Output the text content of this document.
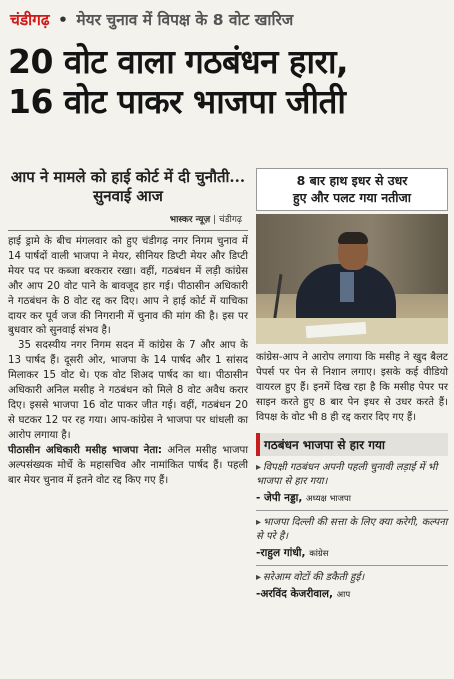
चंडीगढ़ • मेयर चुनाव में विपक्ष के 8 वोट खारिज
20 वोट वाला गठबंधन हारा,
16 वोट पाकर भाजपा जीती
आप ने मामले को हाई कोर्ट में दी चुनौती... सुनवाई आज
भास्कर न्यूज़ | चंडीगढ़

हाई ड्रामे के बीच मंगलवार को हुए चंडीगढ़ नगर निगम चुनाव में 14 पार्षदों वाली भाजपा ने मेयर, सीनियर डिप्टी मेयर और डिप्टी मेयर पद पर कब्जा बरकरार रखा। वहीं, गठबंधन में लड़ी कांग्रेस और आप 20 वोट पाने के बावजूद हार गई। पीठासीन अधिकारी ने गठबंधन के 8 वोट रद्द कर दिए। आप ने हाई कोर्ट में याचिका दायर कर पूर्व जज की निगरानी में चुनाव की मांग की है। इस पर बुधवार को सुनवाई संभव है।

35 सदस्यीय नगर निगम सदन में कांग्रेस के 7 और आप के 13 पार्षद हैं। दूसरी ओर, भाजपा के 14 पार्षद और 1 सांसद मिलाकर 15 वोट थे। एक वोट शिअद पार्षद का था। पीठासीन अधिकारी अनिल मसीह ने गठबंधन को मिले 8 वोट अवैध करार दिए। इससे भाजपा 16 वोट पाकर जीत गई। वहीं, गठबंधन 20 से घटकर 12 पर रह गया। आप-कांग्रेस ने भाजपा पर धांधली का आरोप लगाया है।

पीठासीन अधिकारी मसीह भाजपा नेता: अनिल मसीह भाजपा अल्पसंख्यक मोर्चे के महासचिव और नामांकित पार्षद हैं। पहली बार मेयर चुनाव में इतने वोट रद्द किए गए हैं।

8 बार हाथ इधर से उधर
हुए और पलट गया नतीजा
कांग्रेस-आप ने आरोप लगाया कि मसीह ने खुद बैलट पेपर्स पर पेन से निशान लगाए। इसके कई वीडियो वायरल हुए हैं। इनमें दिख रहा है कि मसीह पेपर पर साइन करते हुए 8 बार पेन इधर से उधर करते हैं। विपक्ष के वोट भी 8 ही रद्द करार दिए गए हैं।
गठबंधन भाजपा से हार गया
▸ विपक्षी गठबंधन अपनी पहली चुनावी लड़ाई में भी भाजपा से हार गया।
- जेपी नड्डा, अध्यक्ष भाजपा
▸ भाजपा दिल्ली की सत्ता के लिए क्या करेगी, कल्पना से परे है।
-राहुल गांधी, कांग्रेस
▸ सरेआम वोटों की डकैती हुई।
-अरविंद केजरीवाल, आप
